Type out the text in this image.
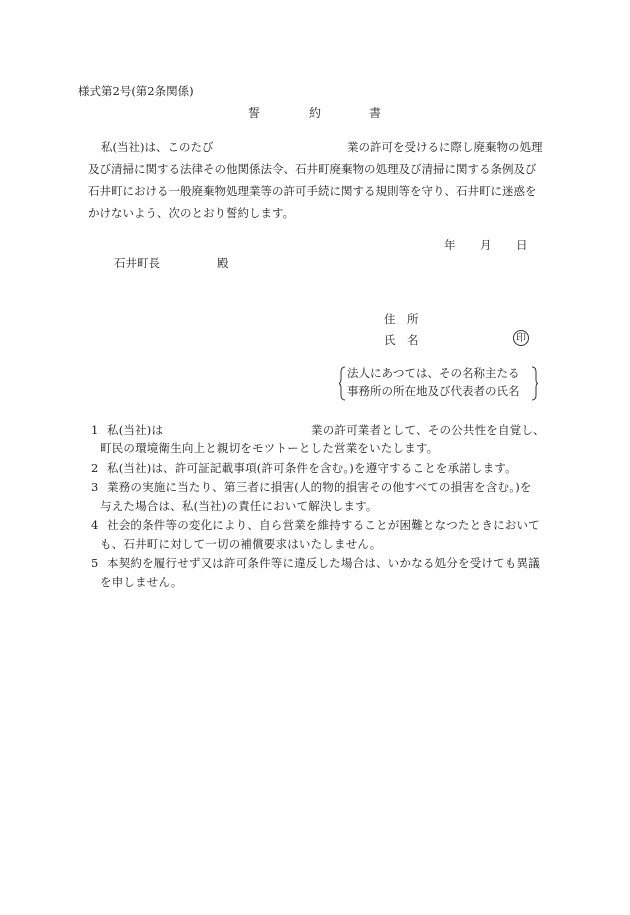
様式第2号(第2条関係)
誓	約	書
私(当社)は、このたび	業の許可を受けるに際し廃棄物の処理
及び清掃に関する法律その他関係法令、石井町廃棄物の処理及び清掃に関する条例及び
石井町における一般廃棄物処理業等の許可手続に関する規則等を守り、石井町に迷惑を
かけないよう、次のとおり誓約します。
年 月 日
石井町長	殿
住　所
氏　名	印
法人にあつては、その名称主たる
事務所の所在地及び代表者の氏名
1 私(当社)は	業の許可業者として、その公共性を自覚し、
町民の環境衛生向上と親切をモツトーとした営業をいたします。
2 私(当社)は、許可証記載事項(許可条件を含む。)を遵守することを承諾します。
3 業務の実施に当たり、第三者に損害(人的物的損害その他すべての損害を含む。)を
与えた場合は、私(当社)の責任において解決します。
4 社会的条件等の変化により、自ら営業を維持することが困難となつたときにおいて
も、石井町に対して一切の補償要求はいたしません。
5 本契約を履行せず又は許可条件等に違反した場合は、いかなる処分を受けても異議
を申しません。
